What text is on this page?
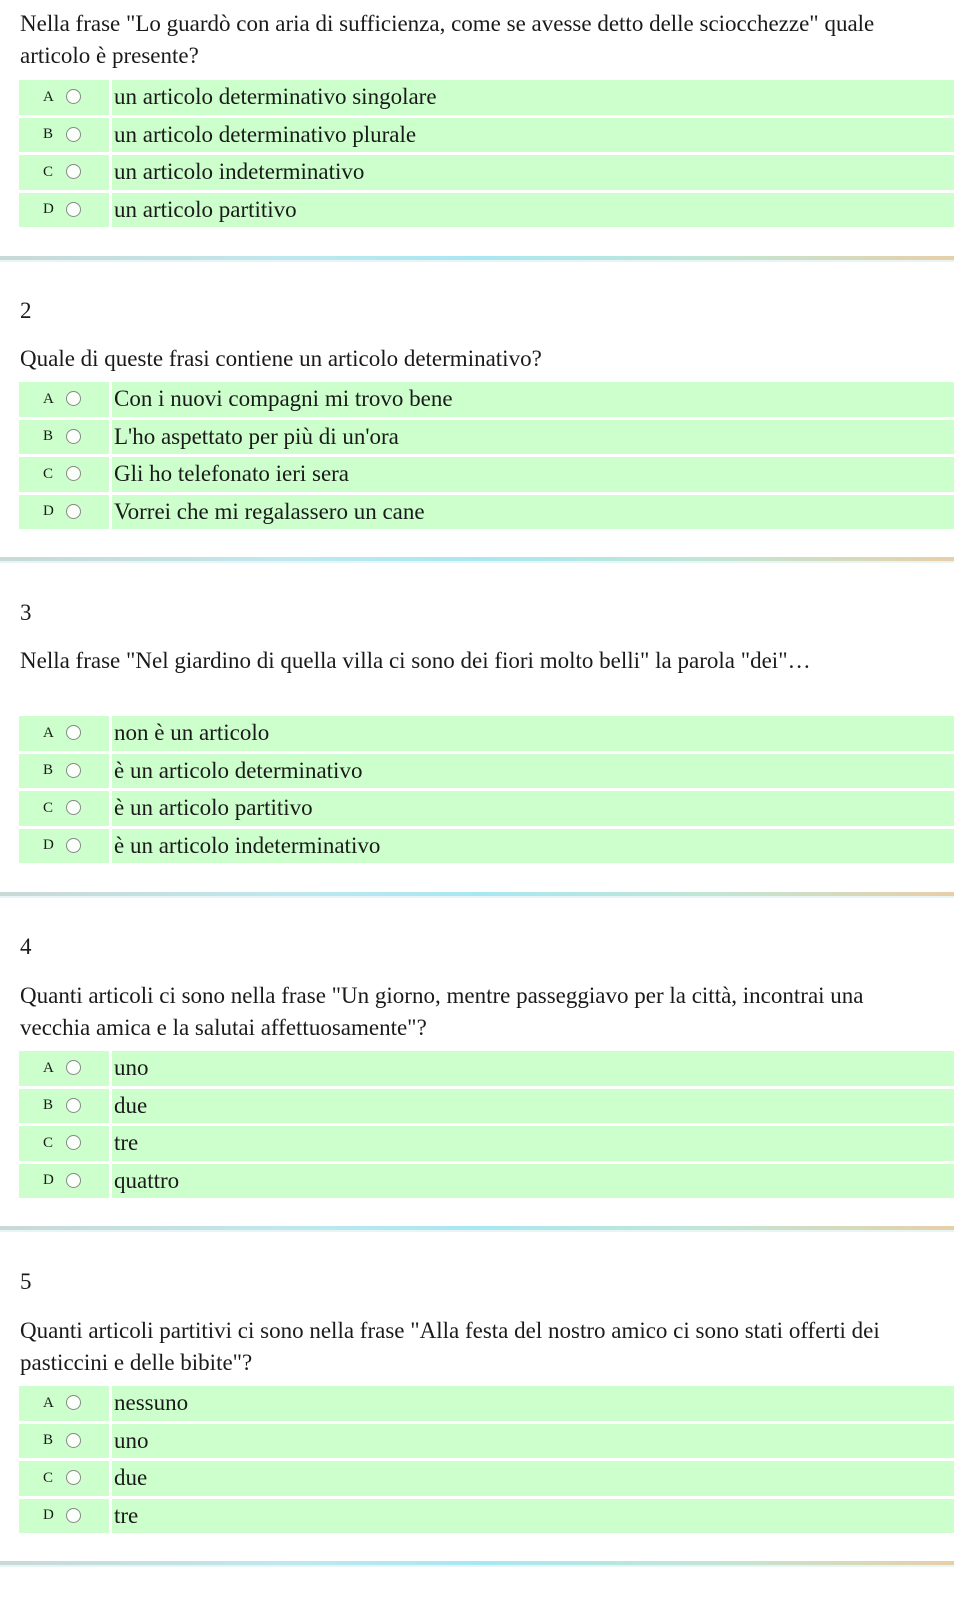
Nella frase "Lo guardò con aria di sufficienza, come se avesse detto delle sciocchezze" quale articolo è presente?
A	un articolo determinativo singolare
B	un articolo determinativo plurale
C	un articolo indeterminativo
D	un articolo partitivo
2
Quale di queste frasi contiene un articolo determinativo?
A	Con i nuovi compagni mi trovo bene
B	L'ho aspettato per più di un'ora
C	Gli ho telefonato ieri sera
D	Vorrei che mi regalassero un cane
3
Nella frase "Nel giardino di quella villa ci sono dei fiori molto belli" la parola "dei"…
A	non è un articolo
B	è un articolo determinativo
C	è un articolo partitivo
D	è un articolo indeterminativo
4
Quanti articoli ci sono nella frase "Un giorno, mentre passeggiavo per la città, incontrai una vecchia amica e la salutai affettuosamente"?
A	uno
B	due
C	tre
D	quattro
5
Quanti articoli partitivi ci sono nella frase "Alla festa del nostro amico ci sono stati offerti dei pasticcini e delle bibite"?
A	nessuno
B	uno
C	due
D	tre
